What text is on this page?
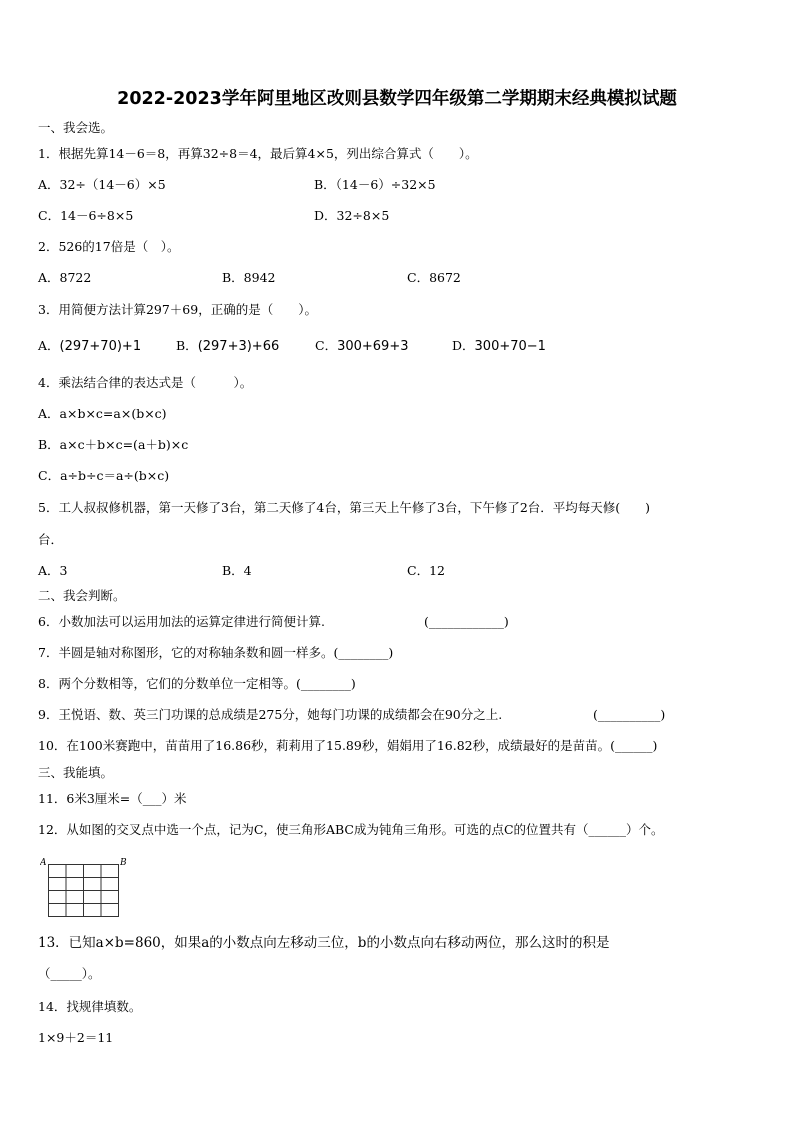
2022-2023学年阿里地区改则县数学四年级第二学期期末经典模拟试题
一、我会选。
1．根据先算14－6＝8，再算32÷8＝4，最后算4×5，列出综合算式（　　）。
A．32÷（14－6）×5	B．（14－6）÷32×5
C．14－6÷8×5	D．32÷8×5
2．526的17倍是（　）。
A．8722	B．8942	C．8672
3．用简便方法计算297＋69，正确的是（　　）。
A．(297+70)+1	B．(297+3)+66	C．300+69+3	D．300+70−1
4．乘法结合律的表达式是（　　　）。
A．a×b×c=a×(b×c)
B．a×c＋b×c=(a＋b)×c
C．a÷b÷c＝a÷(b×c)
5．工人叔叔修机器，第一天修了3台，第二天修了4台，第三天上午修了3台，下午修了2台．平均每天修(　　)
台．
A．3	B．4	C．12
二、我会判断。
6．小数加法可以运用加法的运算定律进行简便计算.	(____________)
7．半圆是轴对称图形，它的对称轴条数和圆一样多。(________)
8．两个分数相等，它们的分数单位一定相等。(________)
9．王悦语、数、英三门功课的总成绩是275分，她每门功课的成绩都会在90分之上.	(__________)
10．在100米赛跑中，苗苗用了16.86秒，莉莉用了15.89秒，娟娟用了16.82秒，成绩最好的是苗苗。(______)
三、我能填。
11．6米3厘米=（___）米
12．从如图的交叉点中选一个点，记为C，使三角形ABC成为钝角三角形。可选的点C的位置共有（______）个。
A	B
13．已知a×b=860，如果a的小数点向左移动三位，b的小数点向右移动两位，那么这时的积是
（_____）。
14．找规律填数。
1×9＋2＝11
